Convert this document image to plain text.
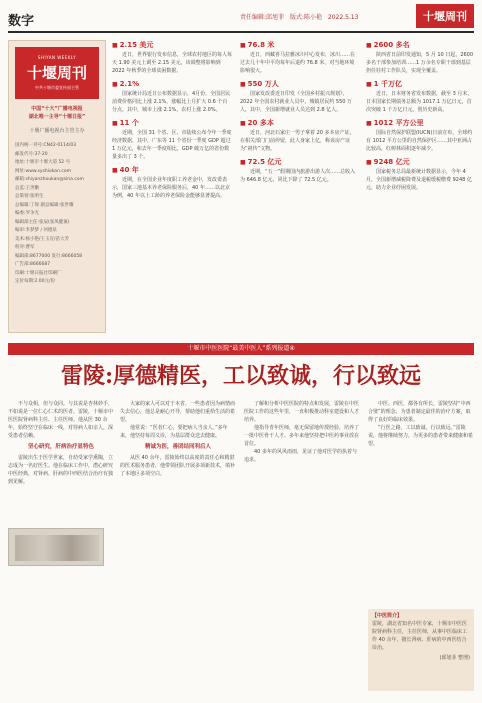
数字	责任编辑:邱旭菲 版式:陈小艳 2022.5.13	十堰周刊
SHIYAN WEEKLY
十堰周刊
中共十堰市委宣传部主管
中国“十大”广播电视报
湖北唯一主导“十堰日报”
十堰广播电视台主管主办
国内统一刊号:CN42-0114/03
邮发代号:37-20
地址:十堰市十堰大道 52 号
网址:www.syshiokan.com
邮箱:shiyanzhoukan@sina.com
总监:王世鹏
总策划:张明生
总编辑:丁保 副总编辑:张世耀
编委:罗争光
编辑部主任:张辰(张凤健兼)
编审:李梦梦 / 何德泉
美术:杨小艳/王玉宣/苗大芳
校对:曹军
编辑部:8677000 发行:8666058
广告部:8666687
印刷:十堰日报社印刷厂
定价每期:2.00元/份
■ 2.15 美元

近日，世界银行发布信息，全球农村地区的每人每天 1.90 美元上调至 2.15 美元，该调整将影响到 2022 年秋季的全球贫困数据。

■ 2.1%

国家统计局近日公布数据显示，4月份，全国居民消费价格同比上涨 2.1%，涨幅比上月扩大 0.6 个百分点。其中，城市上涨 2.1%，农村上涨 2.0%。

■ 11 个

近期，全国 31 个省、区、市陆续公布今年一季度经济数据，其中，广东等 11 个省份一季度 GDP 超过 1 万亿元，和去年一季度相比，GDP 破万亿的省份数量多出了 3 个。

■ 40 年

近期，在全国企业年度职工养老金中，发改委表示，国家三地基本养老保险服务后，40 年……以北京为例，40 年以上工龄的养老保险金能够显著提高。

■ 76.8 米

近日，西藏喜马拉雅冰川中心发布，冰川……在过去几十年中平均每年后退约 76.8 米，对当地环境影响很大。

■ 550 万人

国家发改委近日印发《全国乡村振兴规划》，2022 年全国农村就业人员中，城镇居民约 550 万人，其中，全国新增就业人员达到 2.8 亿人。

■ 20 多本

近日，河北石家庄一男子拿着 20 多本房产证，在相关部门门前停留，此人身家上亿，称该房产证为“祖传”文物。

■ 72.5 亿元

近期，“五一”假期国内旅游出游人次……总收入为 646.8 亿元，同比下降了 72.5 亿元。

■ 2600 多名

陕西省日前印发通知，5 月 10 日起，2600 多名干部参加培训……1 万余名专职干部到基层担任驻村工作队员，实现全覆盖。

■ 1 千万亿

近日，日本财务省发布数据，截至 3 月末，日本国家长期债务总额为 1017.1 万亿日元，首次突破 1 千万亿日元，创历史新高。

■ 1012 平方公里

国际自然保护联盟(IUCN)日前宣布，全球约有 1012 平方公里的自然保护区……其中亚洲占比较高，红树林面积逐年减少。

■ 9248 亿元

国家税务总局最新统计数据显示，今年 4 月，全国新增减税降费及退税缓税缴费 9248 亿元，助力企业纾困发展。

十堰市中医医院“最美中医人”系列报道④
雷陵:厚德精医，工以致诚，行以致远

不与众相，但与众同。与其说是杏林妙手，不如说是一位仁心仁术的医者。雷陵，十堰市中医医院肾病科主任、主任医师。他从医 30 余年，始终坚守在临床一线，对待病人如亲人，深受患者信赖。

坚心研究，肝病治疗显特色

雷陵出生于医学世家，自幼受家学熏陶，立志成为一名好医生。他在临床工作中，潜心研究中医经典，对肾病、肝病的中西医结合治疗有独到见解。

大家的家人可以对于本省，一些患者因为病情而失去信心，他总是耐心开导，帮助他们重拾生活的希望。

他常说：“医者仁心，要把病人当亲人。”多年来，他坚持每周义诊，为基层群众送去健康。

精诚为医，善团结同利后人

从医 40 余年，雷陵始终以高度的责任心和精湛的医术服务患者，他带领团队开展多项新技术，填补了本地区多项空白。

了解和分析中医医院的特点和发展，雷陵在中医医院工作的这些年里，一直积极推动科室建设和人才培养。

他指导青年医师，毫无保留地传授经验，培养了一批中医骨干人才。多年来他坚持把中医药事业放在首位。

40 多年的风风雨雨，见证了他对医学的执着与追求。

中医、西医，都各有所长，雷陵坚持“中西合璧”的理念，为患者制定最佳的治疗方案，取得了良好的临床效果。

“行医之路，工以致诚，行以致远。”雷陵说，他将继续努力，为更多的患者带来健康和希望。

【中医简介】
雷陵，湖北省知名中医专家，十堰市中医医院肾病科主任，主任医师，从事中医临床工作 40 余年，擅长肾病、肝病的中西医结合诊治。
(邱旭菲 整理)
